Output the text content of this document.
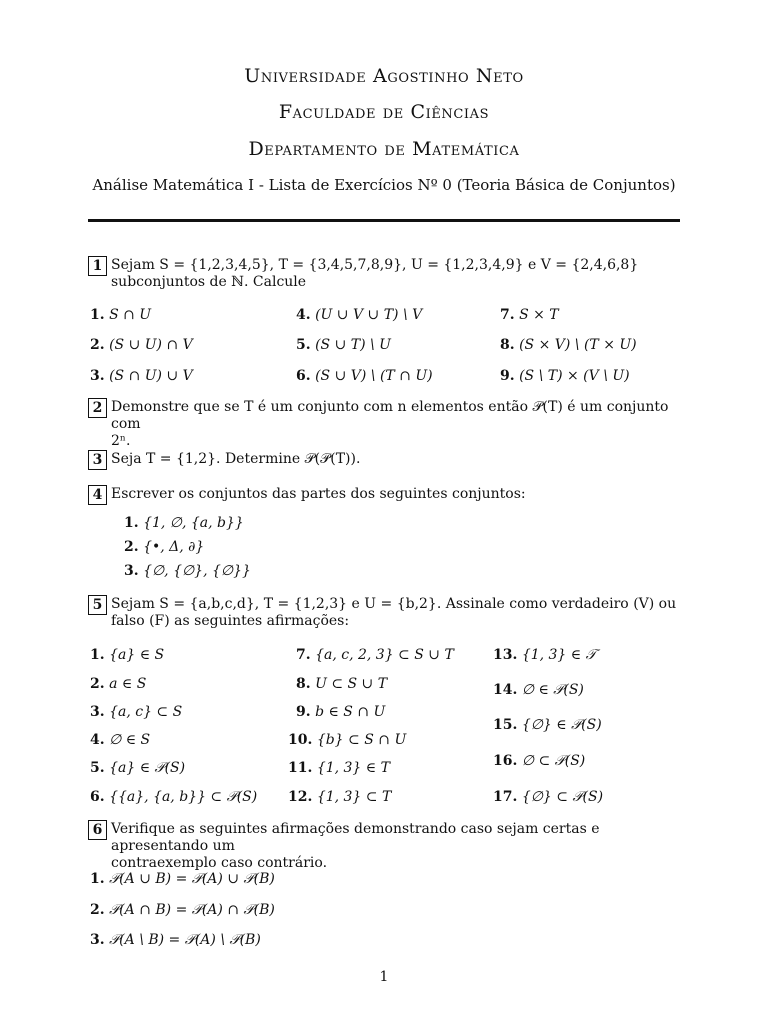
Universidade Agostinho Neto
Faculdade de Ciências
Departamento de Matemática
Análise Matemática I - Lista de Exercícios Nº 0 (Teoria Básica de Conjuntos)
1 Sejam S = {1,2,3,4,5}, T = {3,4,5,7,8,9}, U = {1,2,3,4,9} e V = {2,4,6,8}
subconjuntos de ℕ. Calcule
1. S ∩ U
2. (S ∪ U) ∩ V
3. (S ∩ U) ∪ V
4. (U ∪ V ∪ T) \ V
5. (S ∪ T) \ U
6. (S ∪ V) \ (T ∩ U)
7. S × T
8. (S × V) \ (T × U)
9. (S \ T) × (V \ U)
2 Demonstre que se T é um conjunto com n elementos então 𝒫(T) é um conjunto com
2ⁿ.
3 Seja T = {1,2}. Determine 𝒫(𝒫(T)).
4 Escrever os conjuntos das partes dos seguintes conjuntos:
1. {1, ∅, {a, b}}
2. {•, Δ, ∂}
3. {∅, {∅}, {∅}}
5 Sejam S = {a,b,c,d}, T = {1,2,3} e U = {b,2}. Assinale como verdadeiro (V) ou
falso (F) as seguintes afirmações:
1. {a} ∈ S
2. a ∈ S
3. {a, c} ⊂ S
4. ∅ ∈ S
5. {a} ∈ 𝒫(S)
6. {{a}, {a, b}} ⊂ 𝒫(S)
7. {a, c, 2, 3} ⊂ S ∪ T
8. U ⊂ S ∪ T
9. b ∈ S ∩ U
10. {b} ⊂ S ∩ U
11. {1, 3} ∈ T
12. {1, 3} ⊂ T
13. {1, 3} ∈ 𝒯
14. ∅ ∈ 𝒫(S)
15. {∅} ∈ 𝒫(S)
16. ∅ ⊂ 𝒫(S)
17. {∅} ⊂ 𝒫(S)
6 Verifique as seguintes afirmações demonstrando caso sejam certas e apresentando um
contraexemplo caso contrário.
1. 𝒫(A ∪ B) = 𝒫(A) ∪ 𝒫(B)
2. 𝒫(A ∩ B) = 𝒫(A) ∩ 𝒫(B)
3. 𝒫(A \ B) = 𝒫(A) \ 𝒫(B)
1
